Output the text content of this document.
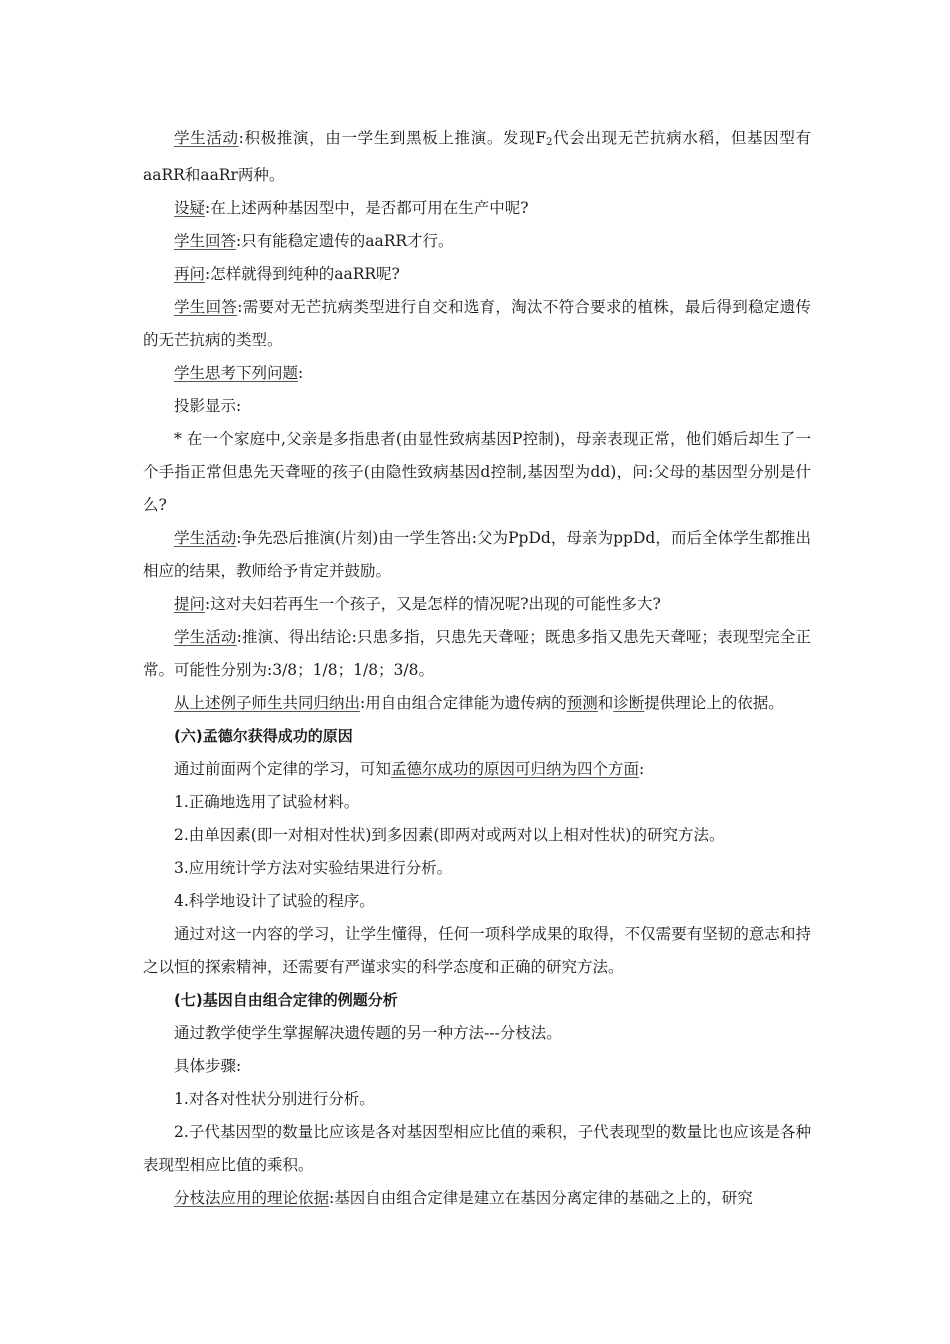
学生活动:积极推演，由一学生到黑板上推演。发现$F_2$代会出现无芒抗病水稻，但基因型有aaRR和aaRr两种。

设疑:在上述两种基因型中，是否都可用在生产中呢?

学生回答:只有能稳定遗传的aaRR才行。

再问:怎样就得到纯种的aaRR呢?

学生回答:需要对无芒抗病类型进行自交和选育，淘汰不符合要求的植株，最后得到稳定遗传的无芒抗病的类型。

学生思考下列问题:

投影显示:

* 在一个家庭中,父亲是多指患者(由显性致病基因P控制)，母亲表现正常，他们婚后却生了一个手指正常但患先天聋哑的孩子(由隐性致病基因d控制,基因型为dd)，问:父母的基因型分别是什么?

学生活动:争先恐后推演(片刻)由一学生答出:父为PpDd，母亲为ppDd，而后全体学生都推出相应的结果，教师给予肯定并鼓励。

提问:这对夫妇若再生一个孩子，又是怎样的情况呢?出现的可能性多大?

学生活动:推演、得出结论:只患多指，只患先天聋哑；既患多指又患先天聋哑；表现型完全正常。可能性分别为:3/8；1/8；1/8；3/8。

从上述例子师生共同归纳出:用自由组合定律能为遗传病的预测和诊断提供理论上的依据。

(六)孟德尔获得成功的原因

通过前面两个定律的学习，可知孟德尔成功的原因可归纳为四个方面:

1.正确地选用了试验材料。

2.由单因素(即一对相对性状)到多因素(即两对或两对以上相对性状)的研究方法。

3.应用统计学方法对实验结果进行分析。

4.科学地设计了试验的程序。

通过对这一内容的学习，让学生懂得，任何一项科学成果的取得，不仅需要有坚韧的意志和持之以恒的探索精神，还需要有严谨求实的科学态度和正确的研究方法。

(七)基因自由组合定律的例题分析

通过教学使学生掌握解决遗传题的另一种方法---分枝法。

具体步骤:

1.对各对性状分别进行分析。

2.子代基因型的数量比应该是各对基因型相应比值的乘积，子代表现型的数量比也应该是各种表现型相应比值的乘积。

分枝法应用的理论依据:基因自由组合定律是建立在基因分离定律的基础之上的，研究
